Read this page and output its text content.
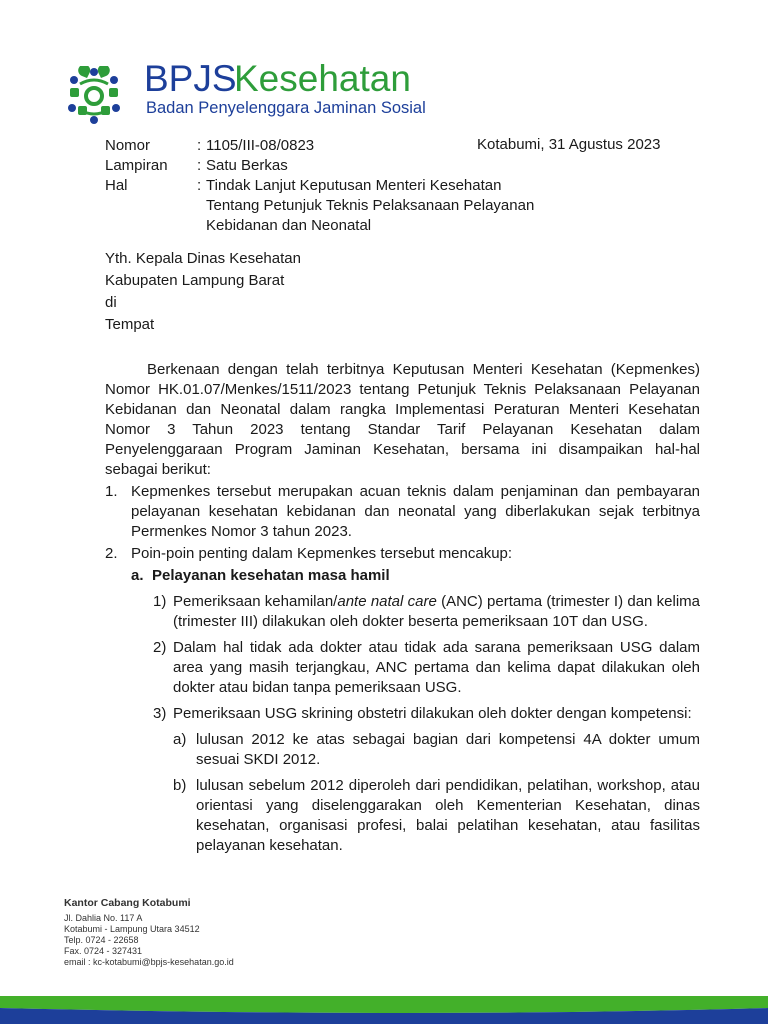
BPJS
Kesehatan
Badan Penyelenggara Jaminan Sosial
Kotabumi, 31 Agustus 2023
Nomor	: 1105/III-08/0823
Lampiran : Satu Berkas
Hal	: Tindak Lanjut Keputusan Menteri Kesehatan
Tentang Petunjuk Teknis Pelaksanaan Pelayanan
Kebidanan dan Neonatal
Yth. Kepala Dinas Kesehatan
Kabupaten Lampung Barat
di
Tempat

Berkenaan dengan telah terbitnya Keputusan Menteri Kesehatan (Kepmenkes) Nomor HK.01.07/Menkes/1511/2023 tentang Petunjuk Teknis Pelaksanaan Pelayanan Kebidanan dan Neonatal dalam rangka Implementasi Peraturan Menteri Kesehatan Nomor 3 Tahun 2023 tentang Standar Tarif Pelayanan Kesehatan dalam Penyelenggaraan Program Jaminan Kesehatan, bersama ini disampaikan hal-hal sebagai berikut:

1. Kepmenkes tersebut merupakan acuan teknis dalam penjaminan dan pembayaran pelayanan kesehatan kebidanan dan neonatal yang diberlakukan sejak terbitnya Permenkes Nomor 3 tahun 2023.

2. Poin-poin penting dalam Kepmenkes tersebut mencakup:

a. Pelayanan kesehatan masa hamil

1) Pemeriksaan kehamilan/ante natal care (ANC) pertama (trimester I) dan kelima (trimester III) dilakukan oleh dokter beserta pemeriksaan 10T dan USG.

2) Dalam hal tidak ada dokter atau tidak ada sarana pemeriksaan USG dalam area yang masih terjangkau, ANC pertama dan kelima dapat dilakukan oleh dokter atau bidan tanpa pemeriksaan USG.

3) Pemeriksaan USG skrining obstetri dilakukan oleh dokter dengan kompetensi:

a) lulusan 2012 ke atas sebagai bagian dari kompetensi 4A dokter umum sesuai SKDI 2012.

b) lulusan sebelum 2012 diperoleh dari pendidikan, pelatihan, workshop, atau orientasi yang diselenggarakan oleh Kementerian Kesehatan, dinas kesehatan, organisasi profesi, balai pelatihan kesehatan, atau fasilitas pelayanan kesehatan.

Kantor Cabang Kotabumi
Jl. Dahlia No. 117 A
Kotabumi - Lampung Utara 34512
Telp. 0724 - 22658
Fax. 0724 - 327431
email : kc-kotabumi@bpjs-kesehatan.go.id
